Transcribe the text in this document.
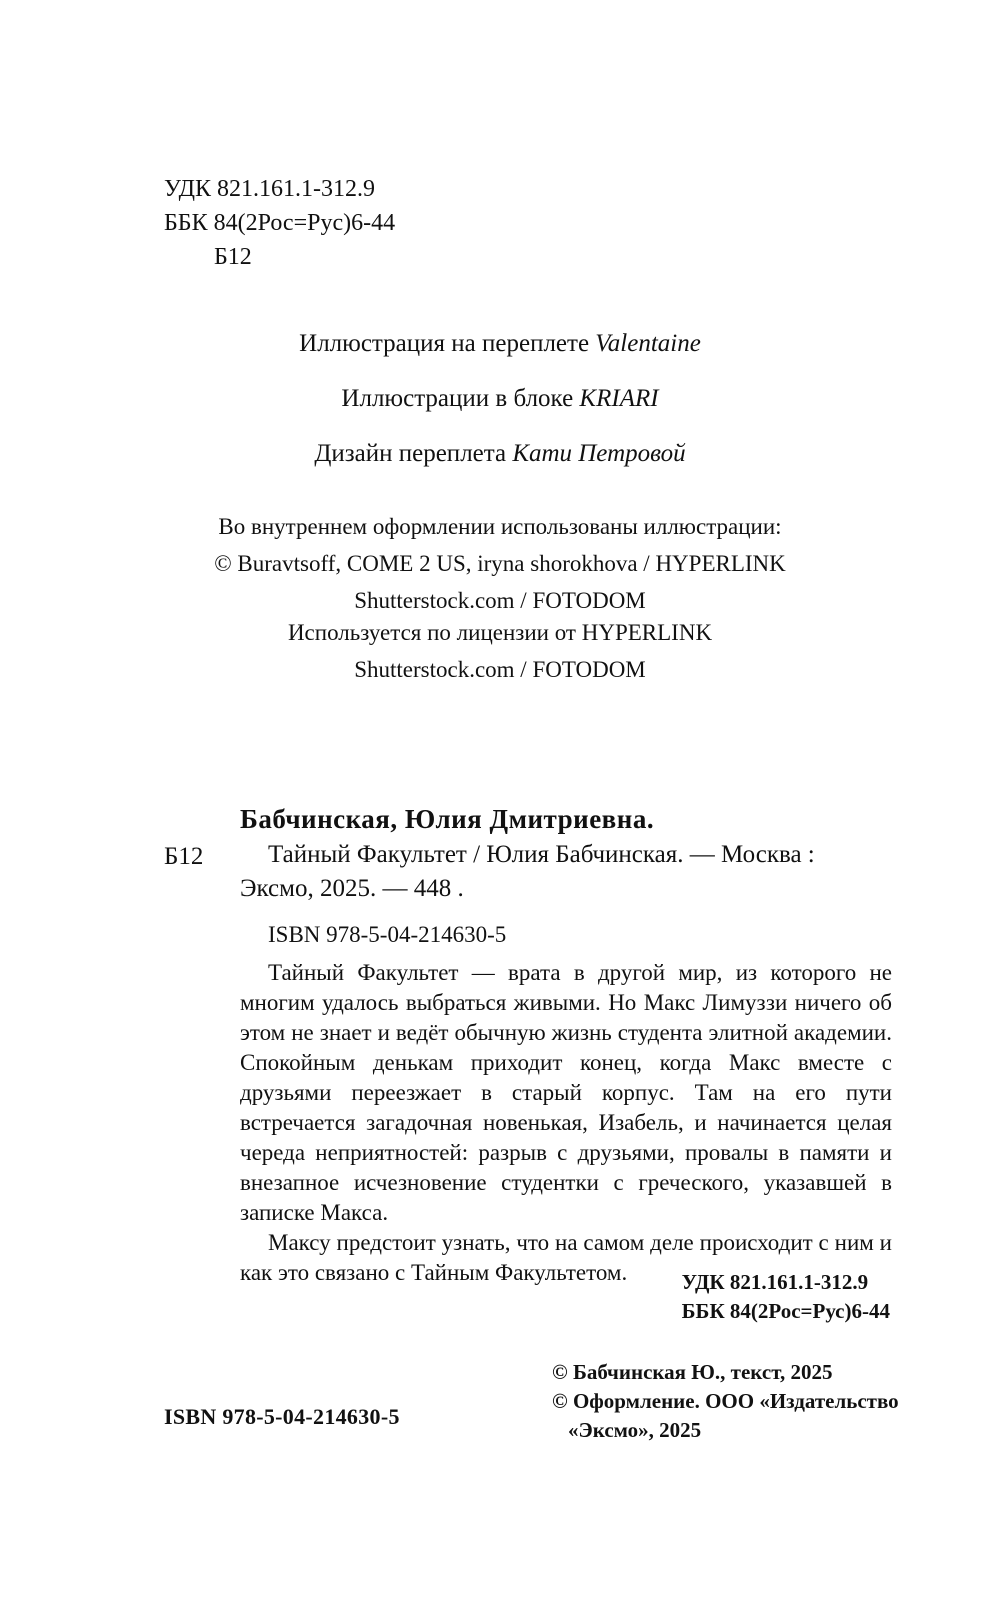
УДК 821.161.1-312.9
ББК 84(2Рос=Рус)6-44
Б12
Иллюстрация на переплете Valentaine
Иллюстрации в блоке KRIARI
Дизайн переплета Кати Петровой
Во внутреннем оформлении использованы иллюстрации:
© Buravtsoff, COME 2 US, iryna shorokhova / HYPERLINK
Shutterstock.com / FOTODOM
Используется по лицензии от HYPERLINK
Shutterstock.com / FOTODOM
Бабчинская, Юлия Дмитриевна.
Б12	Тайный Факультет / Юлия Бабчинская. — Москва :
Эксмо, 2025. — 448 .
ISBN 978-5-04-214630-5

Тайный Факультет — врата в другой мир, из которого не многим удалось выбраться живыми. Но Макс Лимуззи ничего об этом не знает и ведёт обычную жизнь студента элитной академии. Спокойным денькам приходит конец, когда Макс вместе с друзьями переезжает в старый корпус. Там на его пути встречается загадочная новенькая, Изабель, и начинается целая череда неприятностей: разрыв с друзьями, провалы в памяти и внезапное исчезновение студентки с греческого, указавшей в записке Макса.

Максу предстоит узнать, что на самом деле происходит с ним и как это связано с Тайным Факультетом.	УДК 821.161.1-312.9
ББК 84(2Рос=Рус)6-44
© Бабчинская Ю., текст, 2025
© Оформление. ООО «Издательство
«Эксмо», 2025
ISBN 978-5-04-214630-5
